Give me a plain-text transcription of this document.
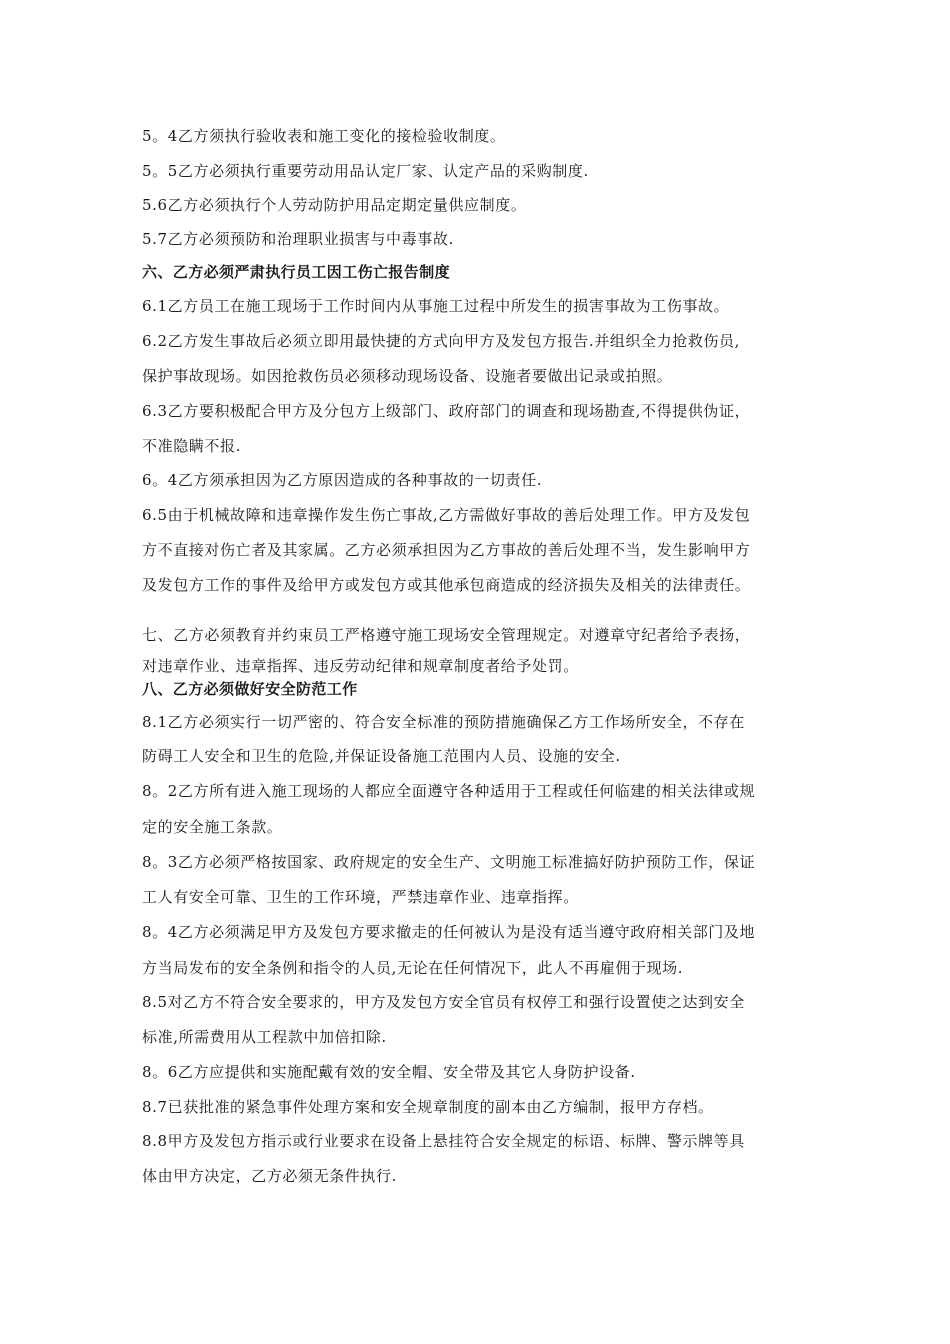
5。4乙方须执行验收表和施工变化的接检验收制度。
5。5乙方必须执行重要劳动用品认定厂家、认定产品的采购制度.
5.6乙方必须执行个人劳动防护用品定期定量供应制度。
5.7乙方必须预防和治理职业损害与中毒事故.
六、乙方必须严肃执行员工因工伤亡报告制度
6.1乙方员工在施工现场于工作时间内从事施工过程中所发生的损害事故为工伤事故。
6.2乙方发生事故后必须立即用最快捷的方式向甲方及发包方报告.并组织全力抢救伤员,
保护事故现场。如因抢救伤员必须移动现场设备、设施者要做出记录或拍照。
6.3乙方要积极配合甲方及分包方上级部门、政府部门的调查和现场勘查,不得提供伪证，
不准隐瞒不报.
6。4乙方须承担因为乙方原因造成的各种事故的一切责任.
6.5由于机械故障和违章操作发生伤亡事故,乙方需做好事故的善后处理工作。甲方及发包
方不直接对伤亡者及其家属。乙方必须承担因为乙方事故的善后处理不当，发生影响甲方
及发包方工作的事件及给甲方或发包方或其他承包商造成的经济损失及相关的法律责任。
七、乙方必须教育并约束员工严格遵守施工现场安全管理规定。对遵章守纪者给予表扬，
对违章作业、违章指挥、违反劳动纪律和规章制度者给予处罚。
八、乙方必须做好安全防范工作
8.1乙方必须实行一切严密的、符合安全标准的预防措施确保乙方工作场所安全，不存在
防碍工人安全和卫生的危险,并保证设备施工范围内人员、设施的安全.
8。2乙方所有进入施工现场的人都应全面遵守各种适用于工程或任何临建的相关法律或规
定的安全施工条款。
8。3乙方必须严格按国家、政府规定的安全生产、文明施工标准搞好防护预防工作，保证
工人有安全可靠、卫生的工作环境，严禁违章作业、违章指挥。
8。4乙方必须满足甲方及发包方要求撤走的任何被认为是没有适当遵守政府相关部门及地
方当局发布的安全条例和指令的人员,无论在任何情况下，此人不再雇佣于现场.
8.5对乙方不符合安全要求的，甲方及发包方安全官员有权停工和强行设置使之达到安全
标准,所需费用从工程款中加倍扣除.
8。6乙方应提供和实施配戴有效的安全帽、安全带及其它人身防护设备.
8.7已获批准的紧急事件处理方案和安全规章制度的副本由乙方编制，报甲方存档。
8.8甲方及发包方指示或行业要求在设备上悬挂符合安全规定的标语、标牌、警示牌等具
体由甲方决定，乙方必须无条件执行.
